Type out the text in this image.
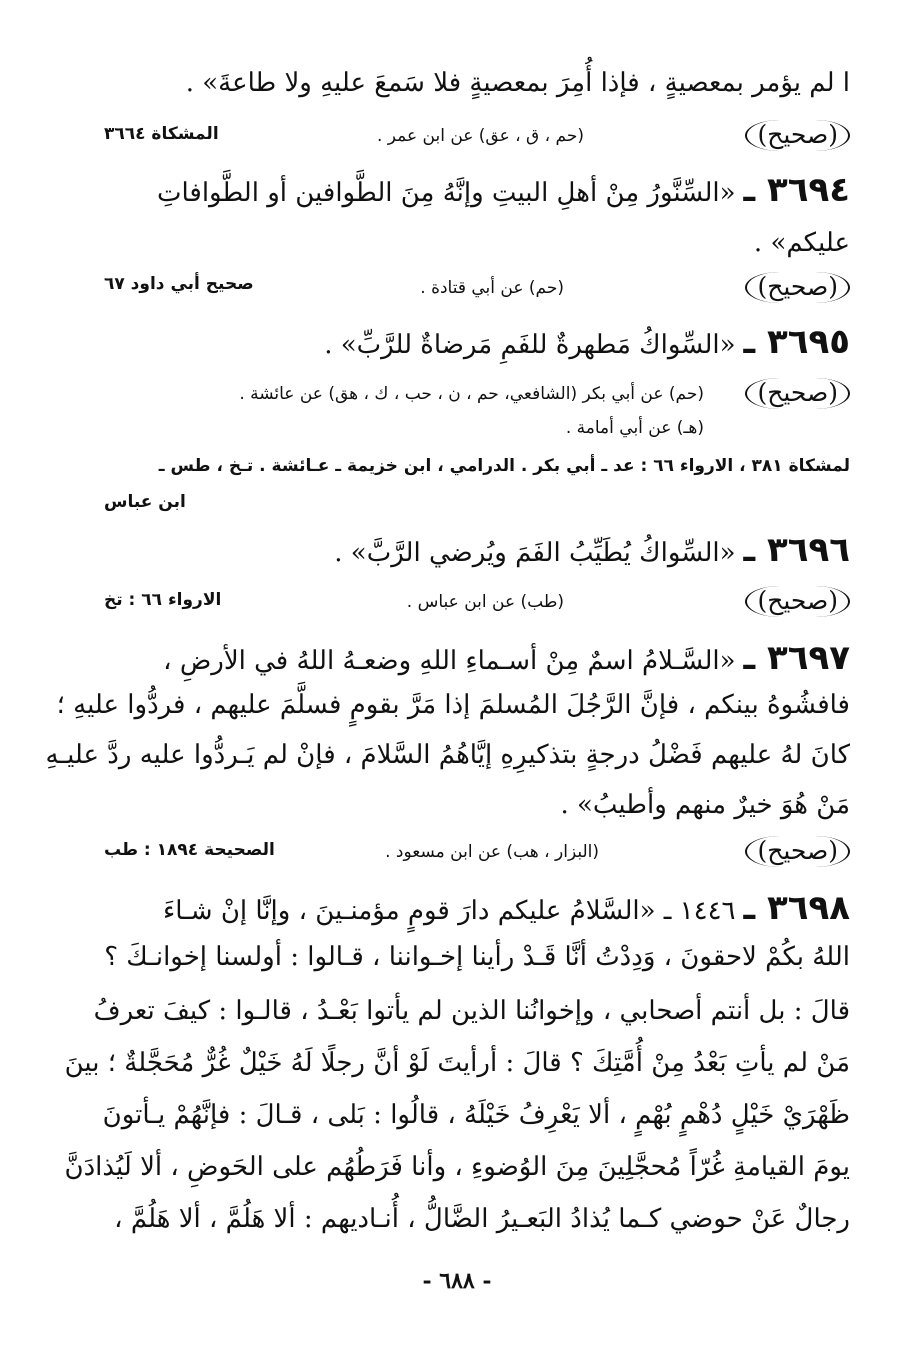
ا لم يؤمر بمعصيةٍ ، فإذا أُمِرَ بمعصيةٍ فلا سَمعَ عليهِ ولا طاعةَ» .
(صحيح)
(حم ، ق ، عق) عن ابن عمر .
المشكاة ٣٦٦٤
٣٦٩٤ ـ«السِّنَّورُ مِنْ أهلِ البيتِ وإنَّهُ مِنَ الطَّوافين أو الطَّوافاتِ
عليكم» .
(صحيح)
(حم) عن أبي قتادة .
صحيح أبي داود ٦٧
٣٦٩٥ ـ«السِّواكُ مَطهرةٌ للفَمِ مَرضاةٌ للرَّبِّ» .
(صحيح)
(حم) عن أبي بكر (الشافعي، حم ، ن ، حب ، ك ، هق) عن عائشة .
(هـ) عن أبي أمامة .
لمشكاة ٣٨١ ، الارواء ٦٦ : عد ـ أبي بكر . الدرامي ، ابن خزيمة ـ عـائشة . تـخ ، طس ـ
ابن عباس
٣٦٩٦ ـ«السِّواكُ يُطَيِّبُ الفَمَ ويُرضي الرَّبَّ» .
(صحيح)
(طب) عن ابن عباس .
الارواء ٦٦ : تخ
٣٦٩٧ ـ«السَّـلامُ اسمٌ مِنْ أسـماءِ اللهِ وضعـهُ اللهُ في الأرضِ ،
فافشُوهُ بينكم ، فإنَّ الرَّجُلَ المُسلمَ إذا مَرَّ بقومٍ فسلَّمَ عليهم ، فردُّوا عليهِ ؛
كانَ لهُ عليهم فَضْلُ درجةٍ بتذكيرِهِ إيَّاهُمُ السَّلامَ ، فإنْ لم يَـردُّوا عليه ردَّ عليـهِ
مَنْ هُوَ خيرٌ منهم وأطيبُ» .
(صحيح)
(البزار ، هب) عن ابن مسعود .
الصحيحة ١٨٩٤ : طب
٣٦٩٨ ـ١٤٤٦ ـ «السَّلامُ عليكم دارَ قومٍ مؤمنـينَ ، وإنَّا إنْ شـاءَ
اللهُ بكُمْ لاحقونَ ، وَدِدْتُ أنَّا قَـدْ رأينا إخـواننا ، قـالوا : أولسنا إخوانـكَ ؟
قالَ : بل أنتم أصحابي ، وإخوانُنا الذين لم يأتوا بَعْـدُ ، قالـوا : كيفَ تعرفُ
مَنْ لم يأتِ بَعْدُ مِنْ أُمَّتِكَ ؟ قالَ : أرأيتَ لَوْ أنَّ رجلًا لَهُ خَيْلٌ غُرٌّ مُحَجَّلةٌ ؛ بينَ
ظَهْرَيْ خَيْلٍ دُهْمٍ بُهْمٍ ، ألا يَعْرِفُ خَيْلَهُ ، قالُوا : بَلى ، قـالَ : فإنَّهُمْ يـأتونَ
يومَ القيامةِ غُرّاً مُحجَّلِينَ مِنَ الوُضوءِ ، وأنا فَرَطُهُم على الحَوضِ ، ألا لَيُذادَنَّ
رجالٌ عَنْ حوضي كـما يُذادُ البَعـيرُ الضَّالُّ ، أُنـاديهم : ألا هَلُمَّ ، ألا هَلُمَّ ،
- ٦٨٨ -
